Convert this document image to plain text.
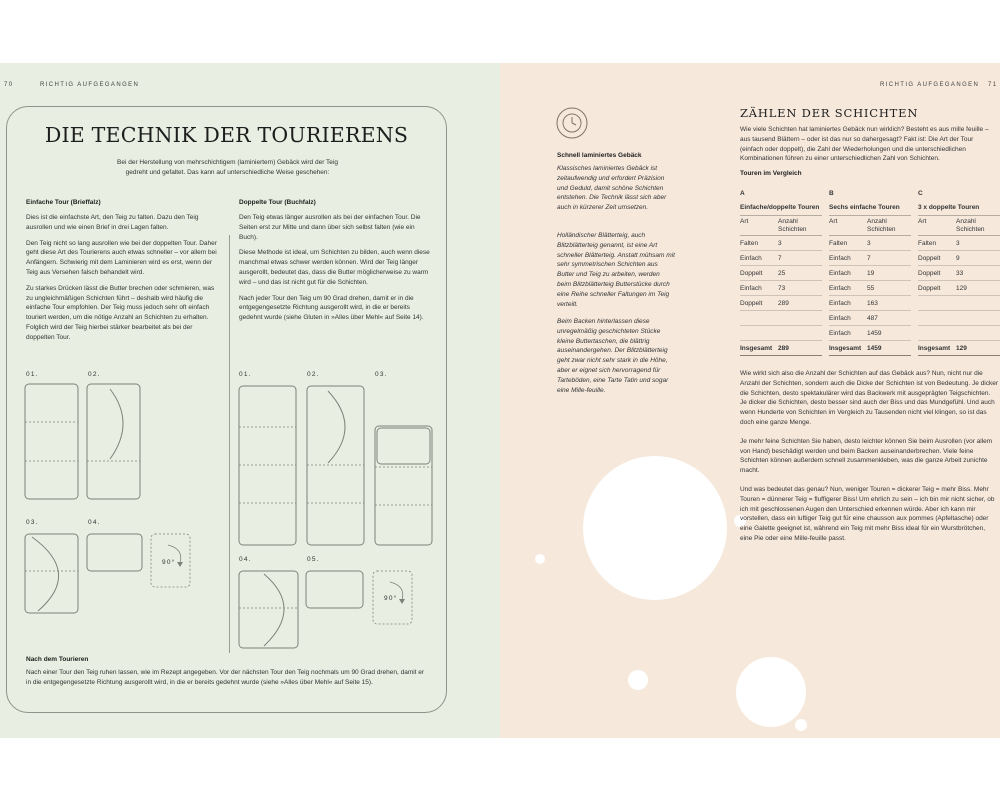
70	RICHTIG AUFGEGANGEN
DIE TECHNIK DER TOURIERENS
Bei der Herstellung von mehrschichtigem (laminiertem) Gebäck wird der Teig gedreht und gefaltet. Das kann auf unterschiedliche Weise geschehen:
Einfache Tour (Brieffalz)

Dies ist die einfachste Art, den Teig zu falten. Dazu den Teig ausrollen und wie einen Brief in drei Lagen falten.

Den Teig nicht so lang ausrollen wie bei der doppelten Tour. Daher geht diese Art des Tourierens auch etwas schneller – vor allem bei Anfängern. Schwierig mit dem Laminieren wird es erst, wenn der Teig aus Versehen falsch behandelt wird.

Zu starkes Drücken lässt die Butter brechen oder schmieren, was zu ungleichmäßigen Schichten führt – deshalb wird häufig die einfache Tour empfohlen. Der Teig muss jedoch sehr oft einfach touriert werden, um die nötige Anzahl an Schichten zu erhalten. Folglich wird der Teig hierbei stärker bearbeitet als bei der doppelten Tour.

Doppelte Tour (Buchfalz)

Den Teig etwas länger ausrollen als bei der einfachen Tour. Die Seiten erst zur Mitte und dann über sich selbst falten (wie ein Buch).

Diese Methode ist ideal, um Schichten zu bilden, auch wenn diese manchmal etwas schwer werden können. Wird der Teig länger ausgerollt, bedeutet das, dass die Butter möglicherweise zu warm wird – und das ist nicht gut für die Schichten.

Nach jeder Tour den Teig um 90 Grad drehen, damit er in die entgegengesetzte Richtung ausgerollt wird, in die er bereits gedehnt wurde (siehe Gluten in »Alles über Mehl« auf Seite 14).

01.	02.
03.	04.
90°
01.	02.	03.
04.	05.
90°
Nach dem Tourieren
Nach einer Tour den Teig ruhen lassen, wie im Rezept angegeben. Vor der nächsten Tour den Teig nochmals um 90 Grad drehen, damit er in die entgegengesetzte Richtung ausgerollt wird, in die er bereits gedehnt wurde (siehe »Alles über Mehl« auf Seite 15).
RICHTIG AUFGEGANGEN 71
Schnell laminiertes Gebäck
Klassisches laminiertes Gebäck ist zeitaufwendig und erfordert Präzision und Geduld, damit schöne Schichten entstehen. Die Technik lässt sich aber auch in kürzerer Zeit umsetzen.
Holländischer Blätterteig, auch Blitzblätterteig genannt, ist eine Art schneller Blätterteig. Anstatt mühsam mit sehr symmetrischen Schichten aus Butter und Teig zu arbeiten, werden beim Blitzblätterteig Butterstücke durch eine Reihe schneller Faltungen im Teig verteilt.
Beim Backen hinterlassen diese unregelmäßig geschichteten Stücke kleine Buttertaschen, die blättrig auseinandergehen. Der Blitzblätterteig geht zwar nicht sehr stark in die Höhe, aber er eignet sich hervorragend für Tarteböden, eine Tarte Tatin und sogar eine Mille-feuille.
ZÄHLEN DER SCHICHTEN
Wie viele Schichten hat laminiertes Gebäck nun wirklich? Besteht es aus mille feuille – aus tausend Blättern – oder ist das nur so dahergesagt? Fakt ist: Die Art der Tour (einfach oder doppelt), die Zahl der Wiederholungen und die unterschiedlichen Kombinationen führen zu einer unterschiedlichen Zahl von Schichten.
Touren im Vergleich
A
Einfache/doppelte Touren
Art	Anzahl Schichten
Falten	3
Einfach	7
Doppelt	25
Einfach	73
Doppelt	289
Insgesamt 289
B
Sechs einfache Touren
Art	Anzahl Schichten
Falten	3
Einfach	7
Einfach	19
Einfach	55
Einfach	163
Einfach	487
Einfach	1459
Insgesamt 1459
C
3 x doppelte Touren
Art	Anzahl Schichten
Falten	3
Doppelt	9
Doppelt	33
Doppelt	129
Insgesamt 129

Wie wirkt sich also die Anzahl der Schichten auf das Gebäck aus? Nun, nicht nur die Anzahl der Schichten, sondern auch die Dicke der Schichten ist von Bedeutung. Je dicker die Schichten, desto spektakulärer wird das Backwerk mit ausgeprägten Teigschichten. Je dicker die Schichten, desto besser sind auch der Biss und das Mundgefühl. Und auch wenn Hunderte von Schichten im Vergleich zu Tausenden nicht viel klingen, so ist das doch eine ganze Menge.

Je mehr feine Schichten Sie haben, desto leichter können Sie beim Ausrollen (vor allem von Hand) beschädigt werden und beim Backen auseinanderbrechen. Viele feine Schichten können außerdem schnell zusammenkleben, was die ganze Arbeit zunichte macht.

Und was bedeutet das genau? Nun, weniger Touren = dickerer Teig = mehr Biss. Mehr Touren = dünnerer Teig = fluffigerer Biss! Um ehrlich zu sein – ich bin mir nicht sicher, ob ich mit geschlossenen Augen den Unterschied erkennen würde. Aber ich kann mir vorstellen, dass ein luftiger Teig gut für eine chausson aux pommes (Apfeltasche) oder eine Galette geeignet ist, während ein Teig mit mehr Biss ideal für ein Wurstbrötchen, eine Pie oder eine Mille-feuille passt.
